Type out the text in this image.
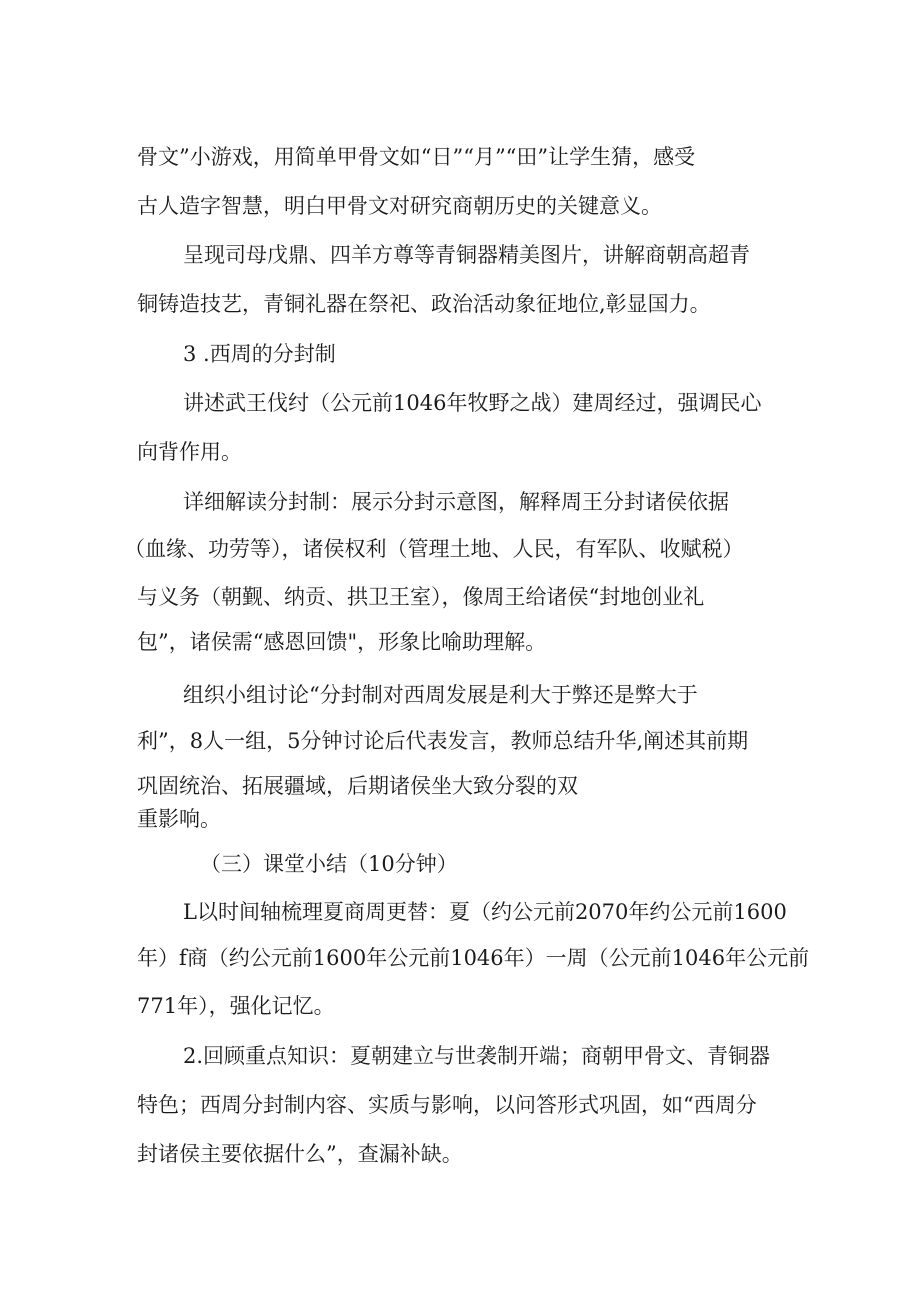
骨文”小游戏，用简单甲骨文如“日”“月”“田”让学生猜，感受
古人造字智慧，明白甲骨文对研究商朝历史的关键意义。
呈现司母戊鼎、四羊方尊等青铜器精美图片，讲解商朝高超青
铜铸造技艺，青铜礼器在祭祀、政治活动象征地位,彰显国力。
3 .西周的分封制
讲述武王伐纣（公元前1046年牧野之战）建周经过，强调民心
向背作用。
详细解读分封制：展示分封示意图，解释周王分封诸侯依据
（血缘、功劳等），诸侯权利（管理土地、人民，有军队、收赋税）
与义务（朝觐、纳贡、拱卫王室），像周王给诸侯“封地创业礼
包”，诸侯需“感恩回馈"，形象比喻助理解。
组织小组讨论“分封制对西周发展是利大于弊还是弊大于
利”，8人一组，5分钟讨论后代表发言，教师总结升华,阐述其前期
巩固统治、拓展疆域，后期诸侯坐大致分裂的双
重影响。
（三）课堂小结（10分钟）
L以时间轴梳理夏商周更替：夏（约公元前2070年约公元前1600
年）f商（约公元前1600年公元前1046年）一周（公元前1046年公元前
771年），强化记忆。
2.回顾重点知识：夏朝建立与世袭制开端；商朝甲骨文、青铜器
特色；西周分封制内容、实质与影响，以问答形式巩固，如“西周分
封诸侯主要依据什么”，查漏补缺。
